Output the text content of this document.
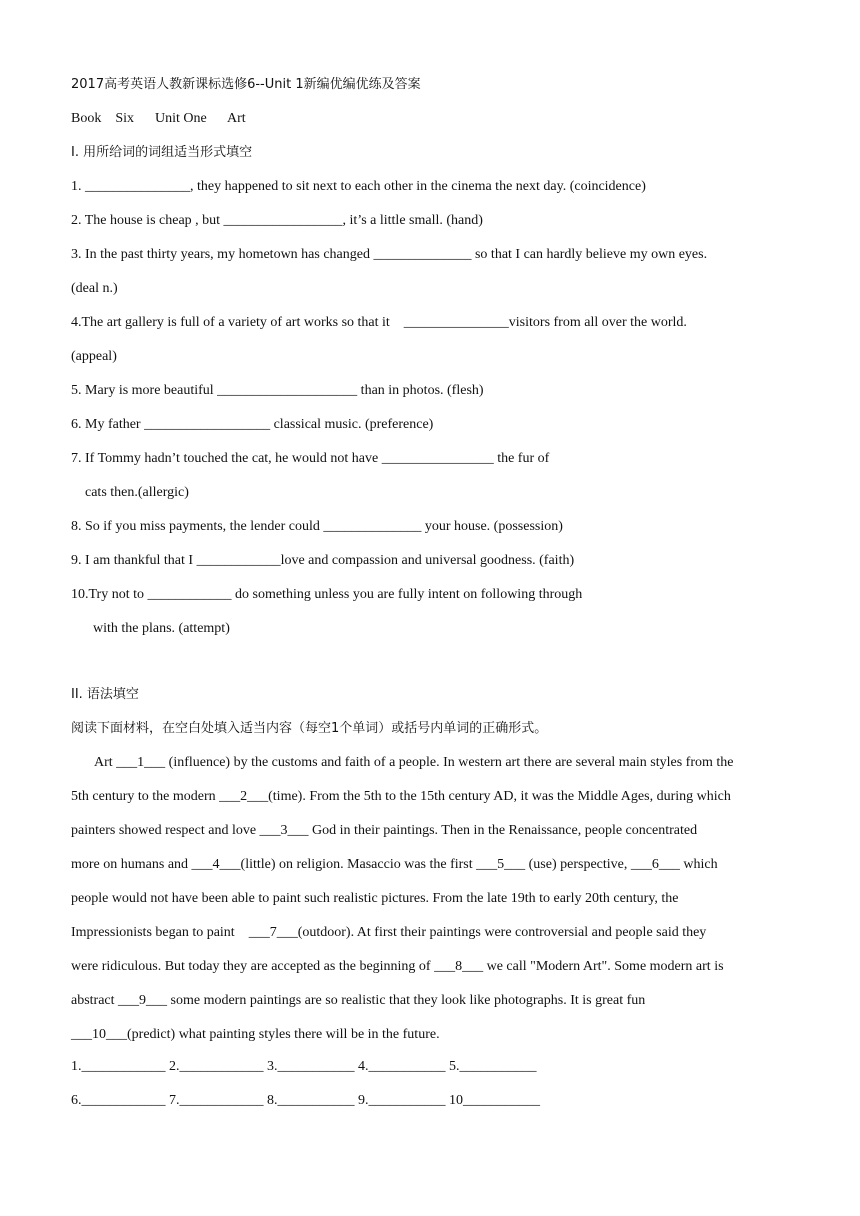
2017高考英语人教新课标选修6--Unit 1新编优编优练及答案
Book    Six      Unit One      Art
I. 用所给词的词组适当形式填空
1. _______________, they happened to sit next to each other in the cinema the next day. (coincidence)
2. The house is cheap , but _________________, it’s a little small. (hand)
3. In the past thirty years, my hometown has changed ______________ so that I can hardly believe my own eyes.
(deal n.)
4.The art gallery is full of a variety of art works so that it    _______________visitors from all over the world.
(appeal)
5. Mary is more beautiful ____________________ than in photos. (flesh)
6. My father __________________ classical music. (preference)
7. If Tommy hadn’t touched the cat, he would not have ________________ the fur of
cats then.(allergic)
8. So if you miss payments, the lender could ______________ your house. (possession)
9. I am thankful that I ____________love and compassion and universal goodness. (faith)
10.Try not to ____________ do something unless you are fully intent on following through
with the plans. (attempt)
II. 语法填空
阅读下面材料，在空白处填入适当内容（每空1个单词）或括号内单词的正确形式。
Art ___1___ (influence) by the customs and faith of a people. In western art there are several main styles from the
5th century to the modern ___2___(time). From the 5th to the 15th century AD, it was the Middle Ages, during which
painters showed respect and love ___3___ God in their paintings. Then in the Renaissance, people concentrated
more on humans and ___4___(little) on religion. Masaccio was the first ___5___ (use) perspective, ___6___ which
people would not have been able to paint such realistic pictures. From the late 19th to early 20th century, the
Impressionists began to paint    ___7___(outdoor). At first their paintings were controversial and people said they
were ridiculous. But today they are accepted as the beginning of ___8___ we call "Modern Art". Some modern art is
abstract ___9___ some modern paintings are so realistic that they look like photographs. It is great fun
___10___(predict) what painting styles there will be in the future.
1.____________ 2.____________ 3.___________ 4.___________ 5.___________
6.____________ 7.____________ 8.___________ 9.___________ 10___________
